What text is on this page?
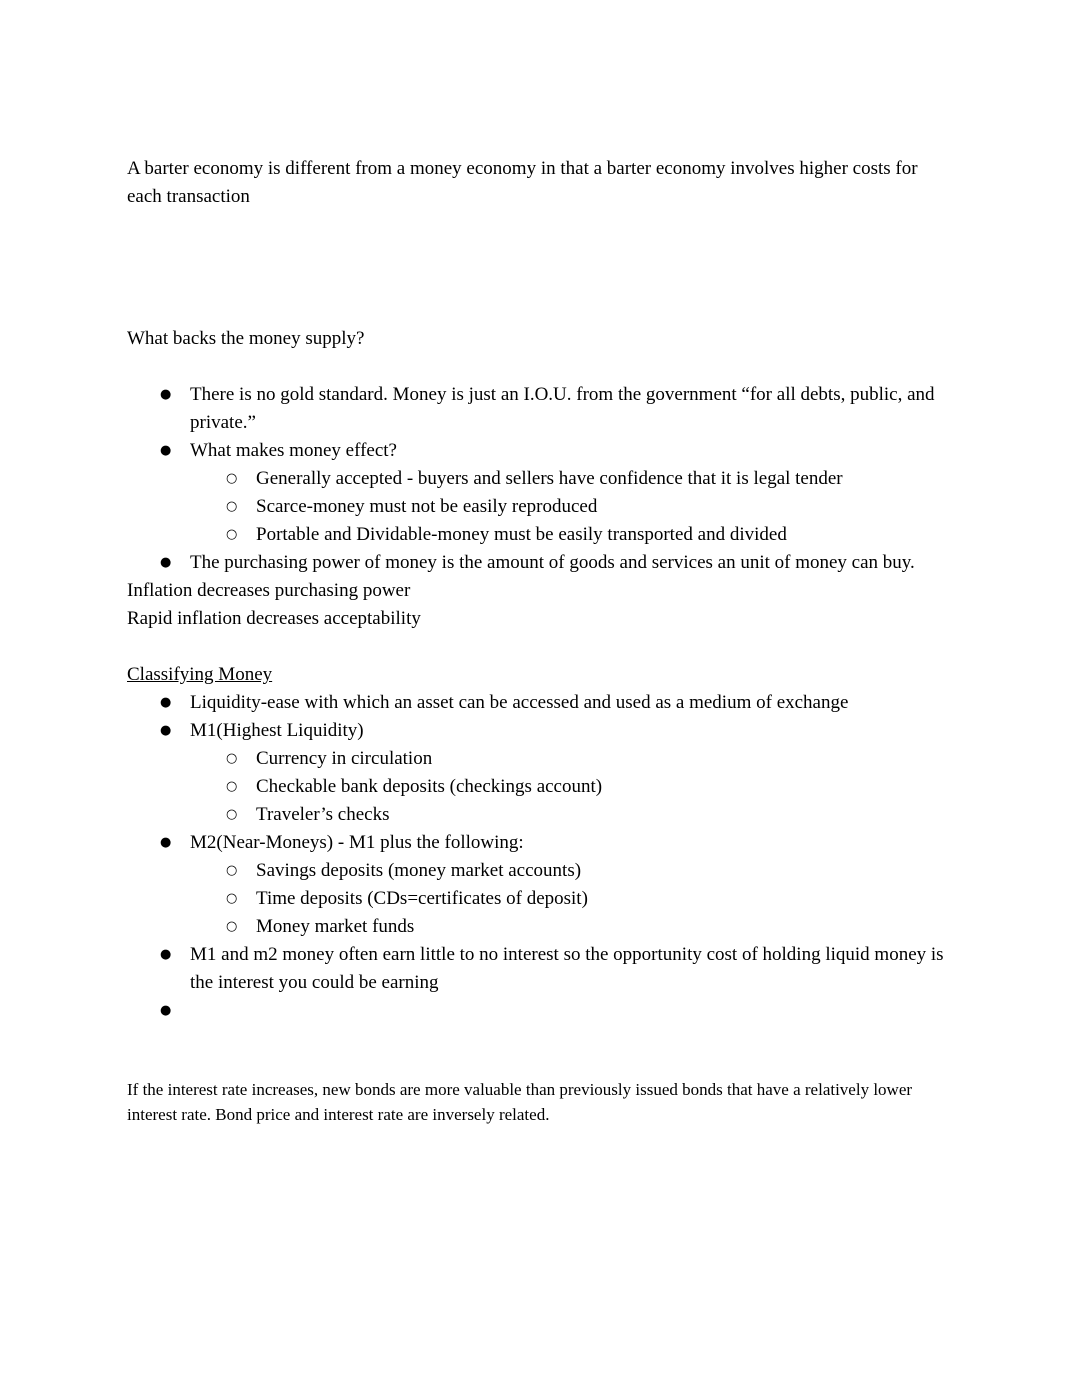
A barter economy is different from a money economy in that a barter economy involves higher costs for each transaction

What backs the money supply?

● There is no gold standard. Money is just an I.O.U. from the government “for all debts, public, and private.”
● What makes money effect?
○ Generally accepted - buyers and sellers have confidence that it is legal tender
○ Scarce-money must not be easily reproduced
○ Portable and Dividable-money must be easily transported and divided
● The purchasing power of money is the amount of goods and services an unit of money can buy.

Inflation decreases purchasing power

Rapid inflation decreases acceptability

Classifying Money

● Liquidity-ease with which an asset can be accessed and used as a medium of exchange
● M1(Highest Liquidity)
○ Currency in circulation
○ Checkable bank deposits (checkings account)
○ Traveler’s checks
● M2(Near-Moneys) - M1 plus the following:
○ Savings deposits (money market accounts)
○ Time deposits (CDs=certificates of deposit)
○ Money market funds
● M1 and m2 money often earn little to no interest so the opportunity cost of holding liquid money is the interest you could be earning
●

If the interest rate increases, new bonds are more valuable than previously issued bonds that have a relatively lower interest rate. Bond price and interest rate are inversely related.
